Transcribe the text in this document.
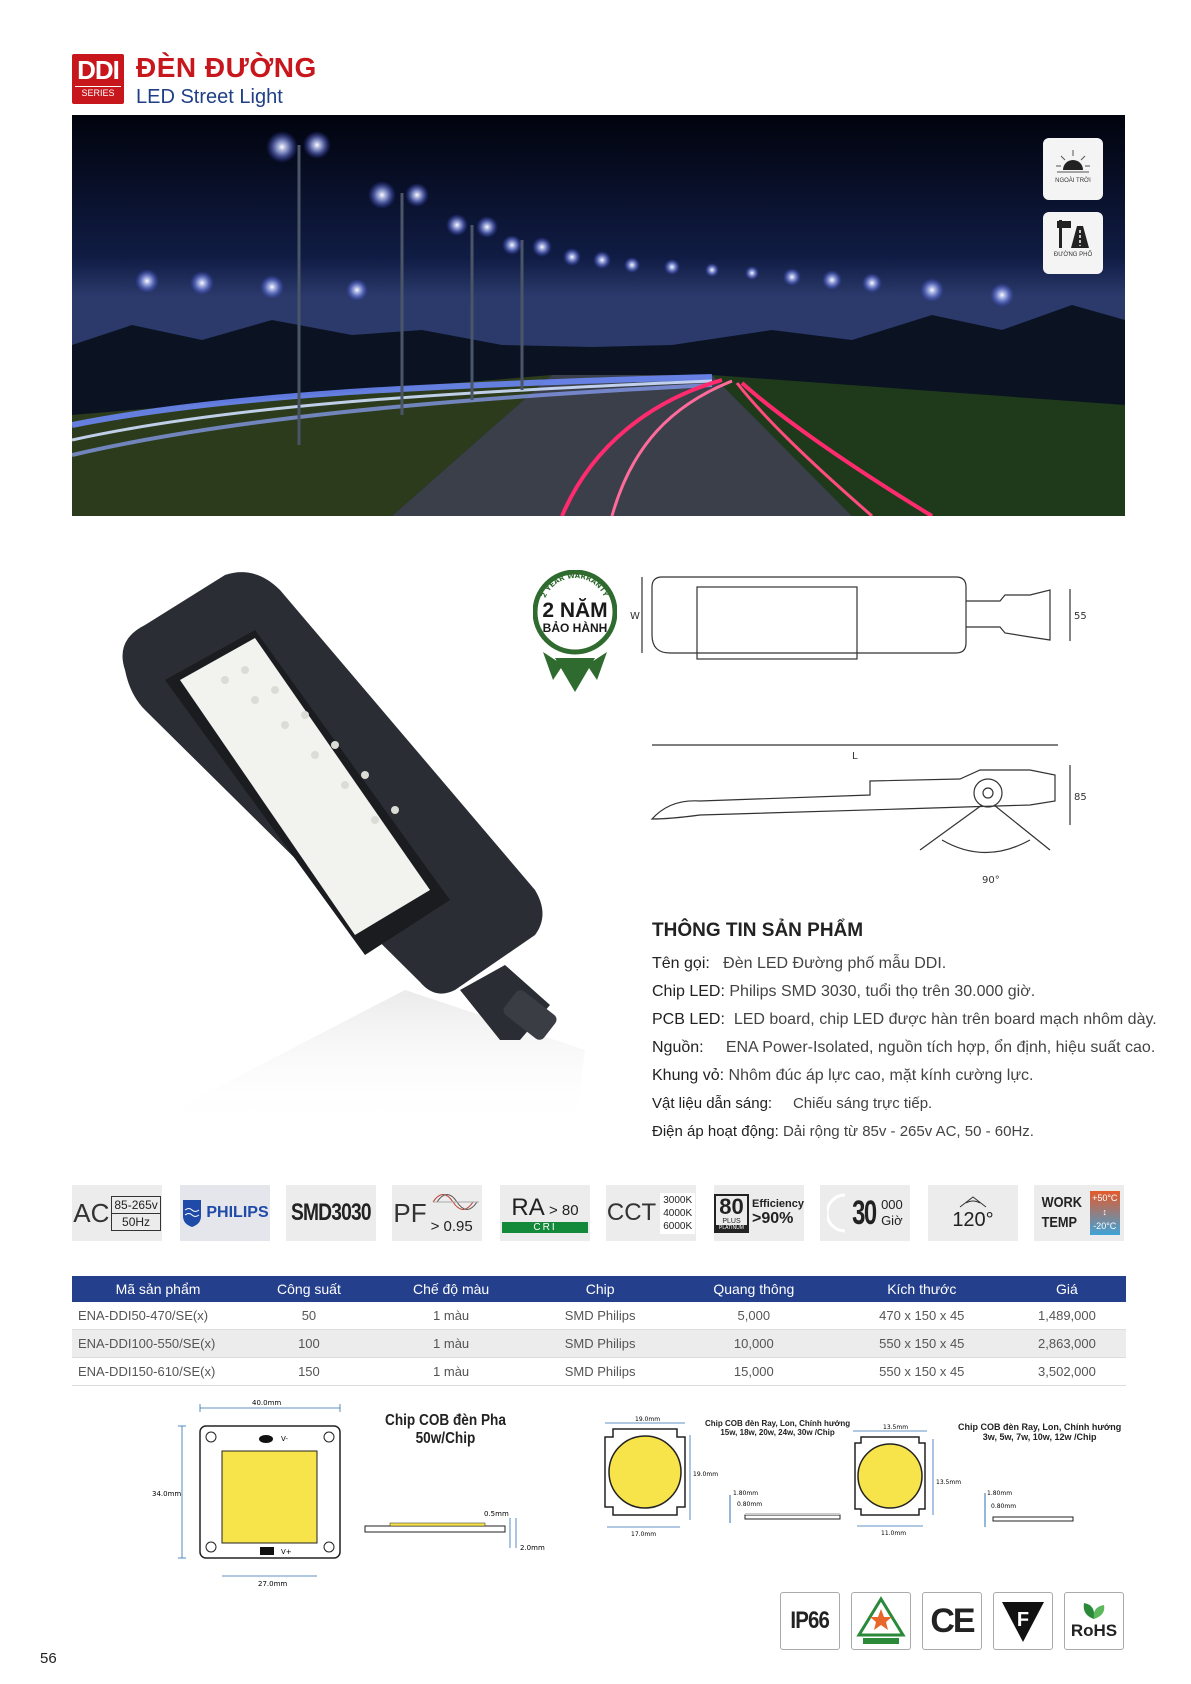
DDI
SERIES
ĐÈN ĐƯỜNG
LED Street Light
NGOÀI TRỜI
ĐƯỜNG PHỐ
2 YEAR WARRANTY
2 NĂM
BẢO HÀNH
W
L
55
85
90°
THÔNG TIN SẢN PHẨM
Tên gọi: Đèn LED Đường phố mẫu DDI.
Chip LED: Philips SMD 3030, tuổi thọ trên 30.000 giờ.
PCB LED: LED board, chip LED được hàn trên board mạch nhôm dày.
Nguồn: ENA Power-Isolated, nguồn tích hợp, ổn định, hiệu suất cao.
Khung vỏ: Nhôm đúc áp lực cao, mặt kính cường lực.
Vật liệu dẫn sáng: Chiếu sáng trực tiếp.
Điện áp hoạt động: Dải rộng từ 85v - 265v AC, 50 - 60Hz.
AC 85-265v
50Hz
PHILIPS SMD3030 PF > 0.95
RA > 80
CRI
CCT 3000K
4000K
6000K
80
PLUS
PLATINUM
Efficiency
>90%	30 000
Giờ 120°
WORK
TEMP
+50°C
↕
-20°C
Mã sản phẩm	Công suất	Chế độ màu	Chip	Quang thông	Kích thước	Giá
ENA-DDI50-470/SE(x)	50	1 màu	SMD Philips	5,000	470 x 150 x 45	1,489,000
ENA-DDI100-550/SE(x)	100	1 màu	SMD Philips	10,000	550 x 150 x 45	2,863,000
ENA-DDI150-610/SE(x)	150	1 màu	SMD Philips	15,000	550 x 150 x 45	3,502,000
V-
V+
40.0mm
34.0mm
27.0mm
0.5mm
2.0mm
Chip COB đèn Pha
50w/Chip
19.0mm
19.0mm
17.0mm
1.80mm
0.80mm
Chip COB đèn Ray, Lon, Chính hướng
15w, 18w, 20w, 24w, 30w /Chip
13.5mm
13.5mm
11.0mm
1.80mm
0.80mm
Chip COB đèn Ray, Lon, Chính hướng
3w, 5w, 7w, 10w, 12w /Chip
IP66	CE F RoHS
56
